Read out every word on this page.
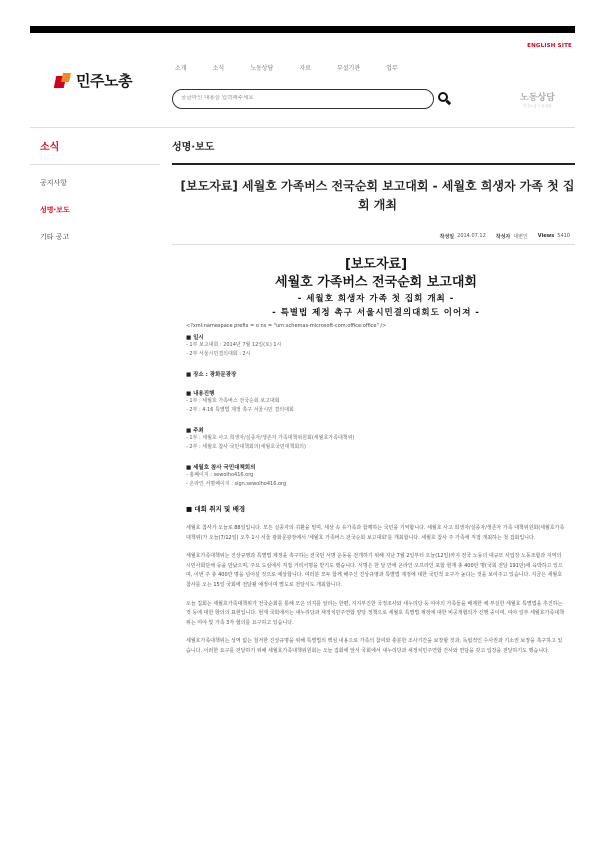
ENGLISH SITE
민주노총
소개	소식	노동상담	자료	부설기관	업무
궁금하신 내용을 입력해주세요
노동상담
민주노총 노동상담
소식
공지사항
성명·보도
기타 공고
성명·보도
[보도자료] 세월호 가족버스 전국순회 보고대회 - 세월호 희생자 가족 첫 집회 개최
작성일 2014.07.12 작성자 대변인 Views 5410
[보도자료]
세월호 가족버스 전국순회 보고대회
- 세월호 희생자 가족 첫 집회 개최 -
- 특별법 제정 촉구 서울시민결의대회도 이어져 -
<?xml:namespace prefix = o ns = "urn:schemas-microsoft-com:office:office" />
■ 일시
- 1부 보고대회 : 2014년 7월 12일(토) 1시
- 2부 서울시민결의대회 : 2시
■ 장소 : 광화문광장
■ 내용진행
- 1부 : 세월호 가족버스 전국순회 보고대회
- 2부 : 4·16 특별법 제정 촉구 서울시민 결의대회
■ 주최
- 1부 : 세월호 사고 희생자/실종자/생존자 가족대책위원회(세월호가족대책위)
- 2부 : 세월호 참사 국민대책회의(세월호국민대책회의)
■ 세월호 참사 국민대책회의
- 홈페이지 : sewolho416.org
- 온라인 서명페이지 : sign.sewolho416.org
■ 대회 취지 및 배경

세월호 참사가 오늘로 88일입니다. 모든 실종자의 귀환을 빌며, 세상 속 유가족과 함께하는 국민을 기억합니다. 세월호 사고 희생자/실종자/생존자 가족 대책위원회(세월호가족대책위)가 오늘(7/12일) 오후 1시 서울 광화문광장에서 '세월호 가족버스 전국순회 보고대회'를 개최합니다. 세월호 참사 주 가족에 직접 개최하는 첫 집회입니다.

세월호가족대책위는 진상규명과 특별법 제정을 촉구하는 전국민 서명 운동을 전개하기 위해 지난 7월 2일부터 오늘(12일)까지 전국 노동의 대규모 사업장 노동조합과 지역의 시민사회단체 등을 만났으며, 주요 도심에서 직접 거리서명을 받기도 했습니다. 서명은 한 달 만에 온라인 오프라인 포함 현재 총 400만 명(국회 전달 191만)에 육박하고 있으며, 이번 주 총 400만 명을 넘어설 것으로 예상합니다. 여러분 모두 함께 해주신 진상규명과 특별법 제정에 대한 국민적 요구가 높다는 것을 보여주고 있습니다. 지금은 세월호 참사를 오는 15일 국회에 전달될 예정이며 별도로 전달식도 개최합니다.

오늘 집회는 세월호가족대책위가 전국순회를 통해 모은 의지를 알리는 한편, 지지부진한 국정조사와 새누리당 등 여야의 가족들을 배제한 채 부실한 세월호 특별법을 추진하는 것 등에 대한 항의의 표현입니다. 현재 국회에서는 새누리당과 새정치민주연합 양당 정책으로 세월호 특별법 제정에 대한 비공개협의가 진행 중이며, 여야 일부 세월호가족대책위는 여야 및 가족 3자 협의를 요구하고 있습니다.

세월호가족대책위는 성역 없는 철저한 진상규명을 위해 특별법의 핵심 내용으로 가족의 참여와 충분한 조사기간을 보장할 것과, 독립적인 수사권과 기소권 보장을 촉구하고 있습니다. 이러한 요구를 전달하기 위해 세월호가족대책위원회는 오늘 집회에 앞서 국회에서 새누리당과 새정치민주연합 간사와 면담을 갖고 입장을 전달하기도 했습니다.
